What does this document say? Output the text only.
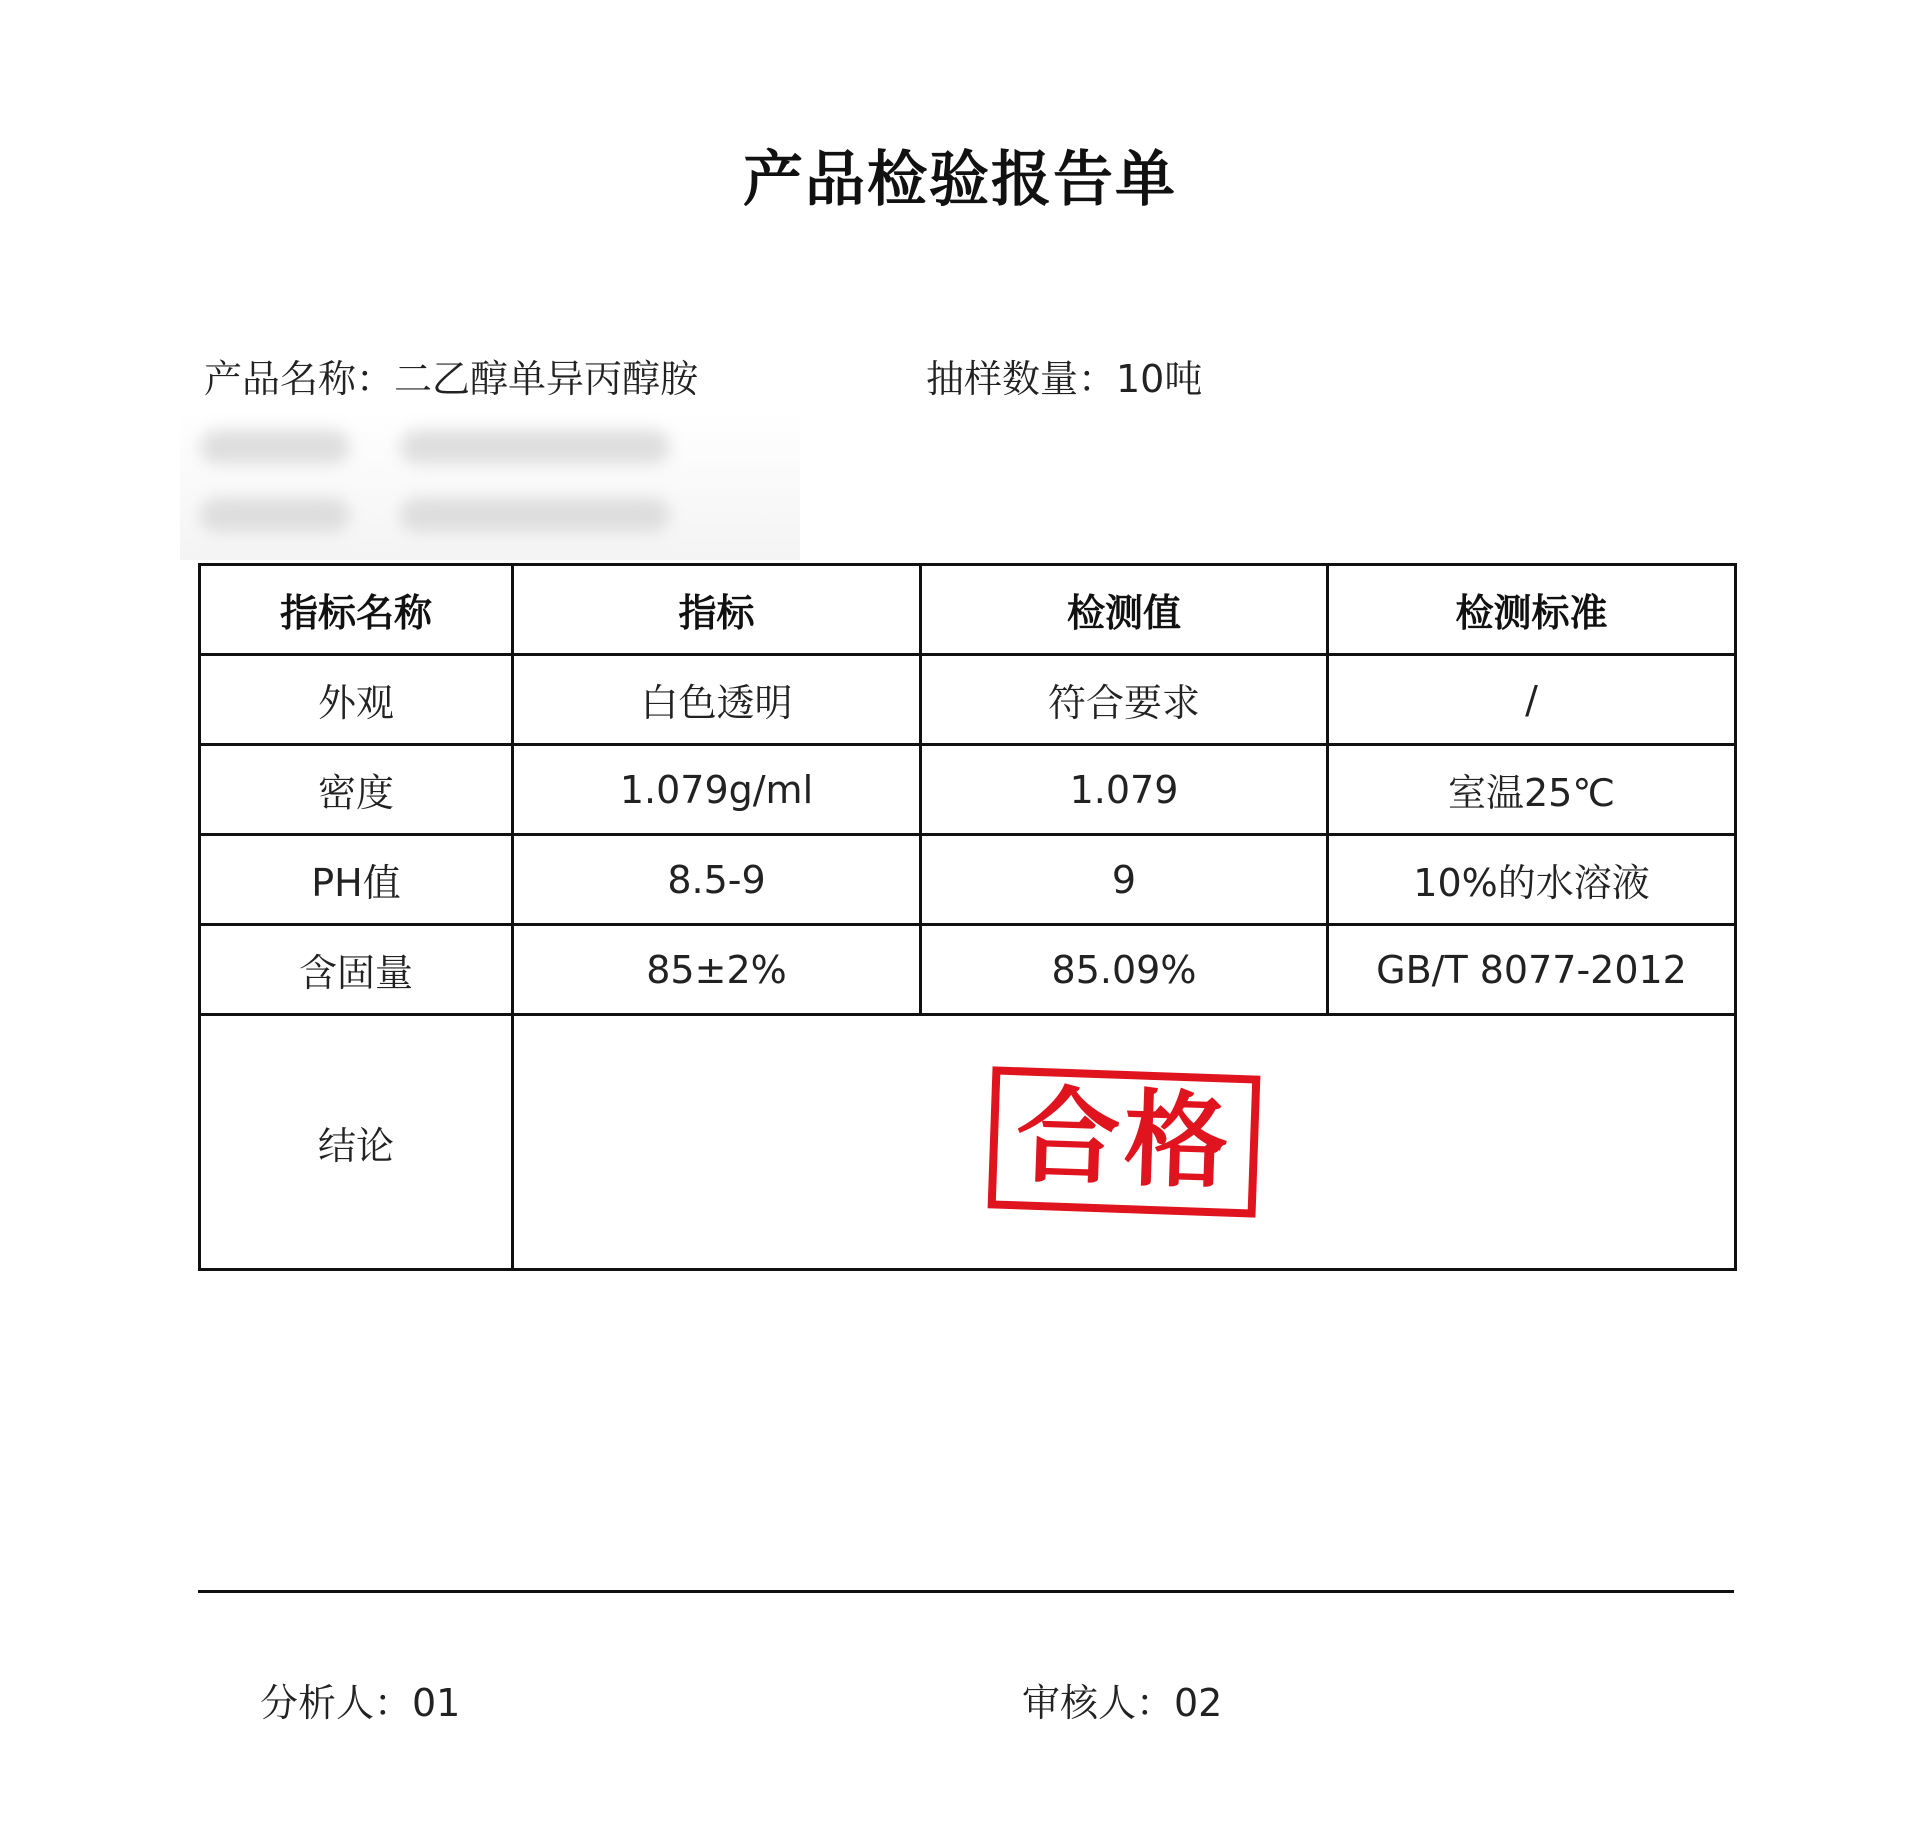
产品检验报告单
产品名称：二乙醇单异丙醇胺	抽样数量：10吨
指标名称	指标	检测值	检测标准
外观	白色透明	符合要求	/
密度	1.079g/ml	1.079	室温25℃
PH值	8.5-9	9	10%的水溶液
含固量	85±2%	85.09%	GB/T 8077-2012
结论	合格		
分析人：01	审核人：02
